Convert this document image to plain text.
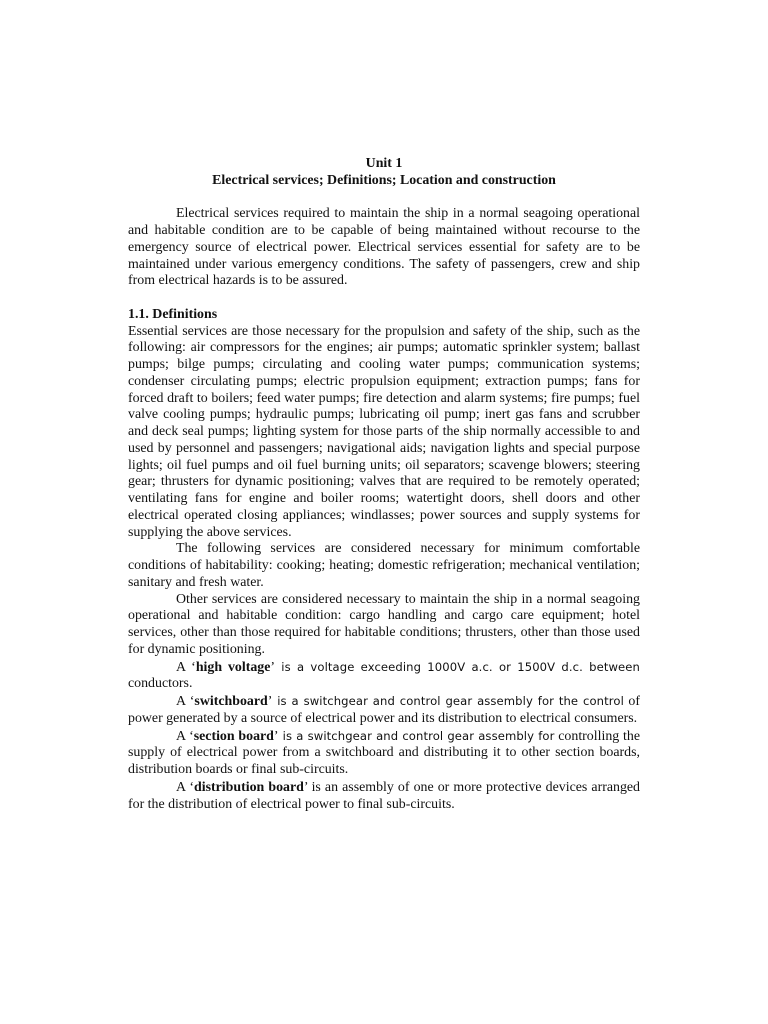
Unit 1

Electrical services; Definitions; Location and construction

Electrical services required to maintain the ship in a normal seagoing operational and habitable condition are to be capable of being maintained without recourse to the emergency source of electrical power. Electrical services essential for safety are to be maintained under various emergency conditions. The safety of passengers, crew and ship from electrical hazards is to be assured.

1.1. Definitions

Essential services are those necessary for the propulsion and safety of the ship, such as the following: air compressors for the engines; air pumps; automatic sprinkler system; ballast pumps; bilge pumps; circulating and cooling water pumps; communication systems; condenser circulating pumps; electric propulsion equipment; extraction pumps; fans for forced draft to boilers; feed water pumps; fire detection and alarm systems; fire pumps; fuel valve cooling pumps; hydraulic pumps; lubricating oil pump; inert gas fans and scrubber and deck seal pumps; lighting system for those parts of the ship normally accessible to and used by personnel and passengers; navigational aids; navigation lights and special purpose lights; oil fuel pumps and oil fuel burning units; oil separators; scavenge blowers; steering gear; thrusters for dynamic positioning; valves that are required to be remotely operated; ventilating fans for engine and boiler rooms; watertight doors, shell doors and other electrical operated closing appliances; windlasses; power sources and supply systems for supplying the above services.

The following services are considered necessary for minimum comfortable conditions of habitability: cooking; heating; domestic refrigeration; mechanical ventilation; sanitary and fresh water.

Other services are considered necessary to maintain the ship in a normal seagoing operational and habitable condition: cargo handling and cargo care equipment; hotel services, other than those required for habitable conditions; thrusters, other than those used for dynamic positioning.

A ‘high voltage’ is a voltage exceeding 1000V a.c. or 1500V d.c. between conductors.

A ‘switchboard’ is a switchgear and control gear assembly for the control of power generated by a source of electrical power and its distribution to electrical consumers.

A ‘section board’ is a switchgear and control gear assembly for controlling the supply of electrical power from a switchboard and distributing it to other section boards, distribution boards or final sub-circuits.

A ‘distribution board’ is an assembly of one or more protective devices arranged for the distribution of electrical power to final sub-circuits.
